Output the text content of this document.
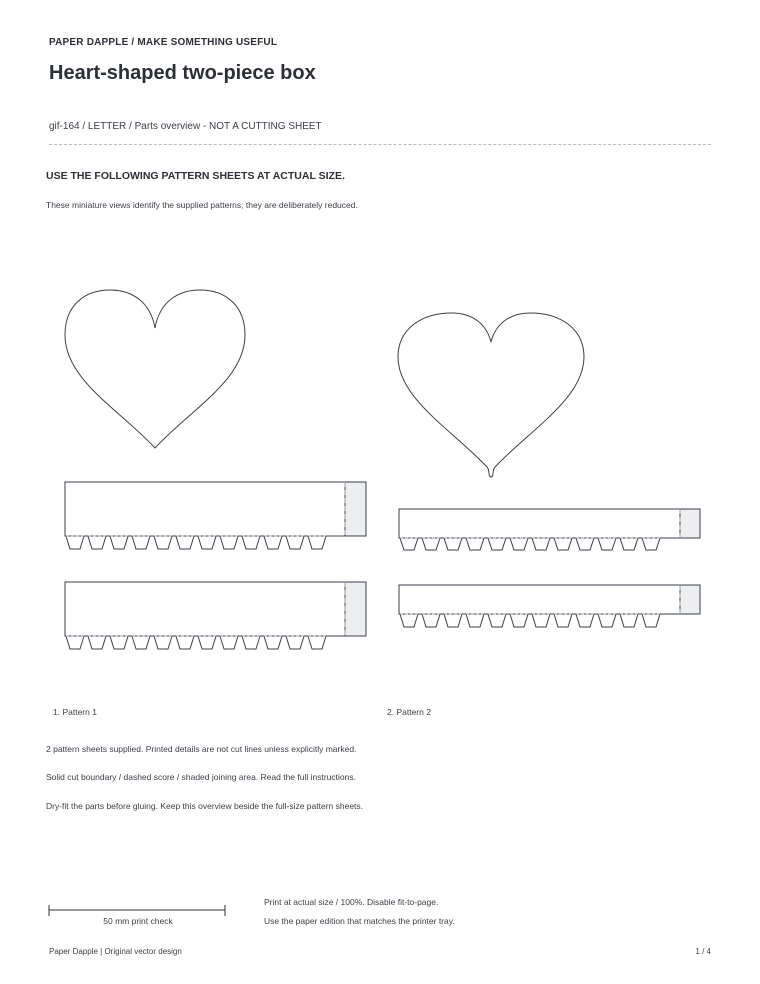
PAPER DAPPLE / MAKE SOMETHING USEFUL
Heart-shaped two-piece box
gif-164 / LETTER / Parts overview - NOT A CUTTING SHEET
USE THE FOLLOWING PATTERN SHEETS AT ACTUAL SIZE.
These miniature views identify the supplied patterns; they are deliberately reduced.
1. Pattern 1	2. Pattern 2
2 pattern sheets supplied. Printed details are not cut lines unless explicitly marked.
Solid cut boundary / dashed score / shaded joining area. Read the full instructions.
Dry-fit the parts before gluing. Keep this overview beside the full-size pattern sheets.
50 mm print check
Print at actual size / 100%. Disable fit-to-page.
Use the paper edition that matches the printer tray.
Paper Dapple | Original vector design	1 / 4
